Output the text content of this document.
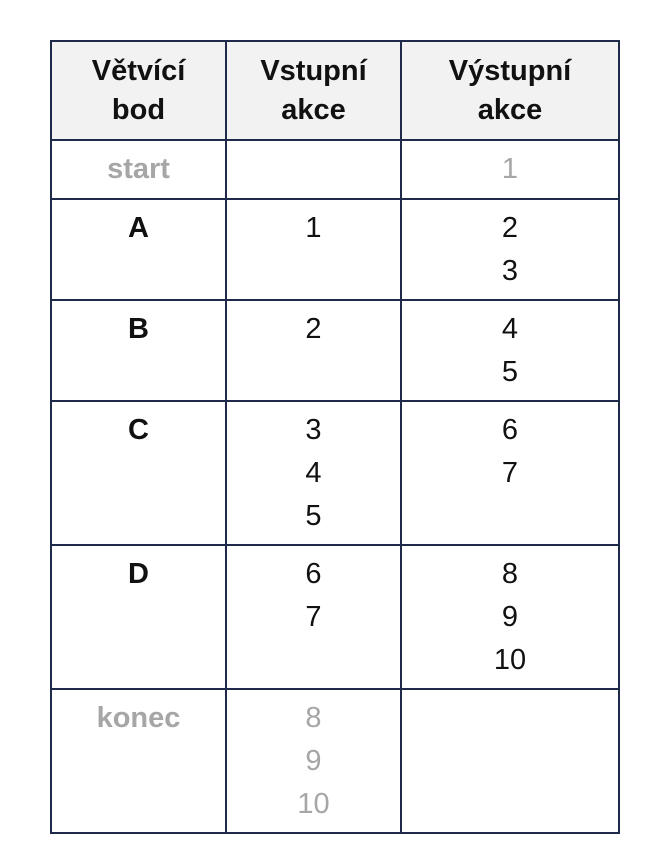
Větvící
bod	Vstupní
akce	Výstupní
akce

start		1

A	1	2
3

B	2	4
5

C	3
4
5	6
7

D	6
7	8
9
10

konec	8
9
10	
